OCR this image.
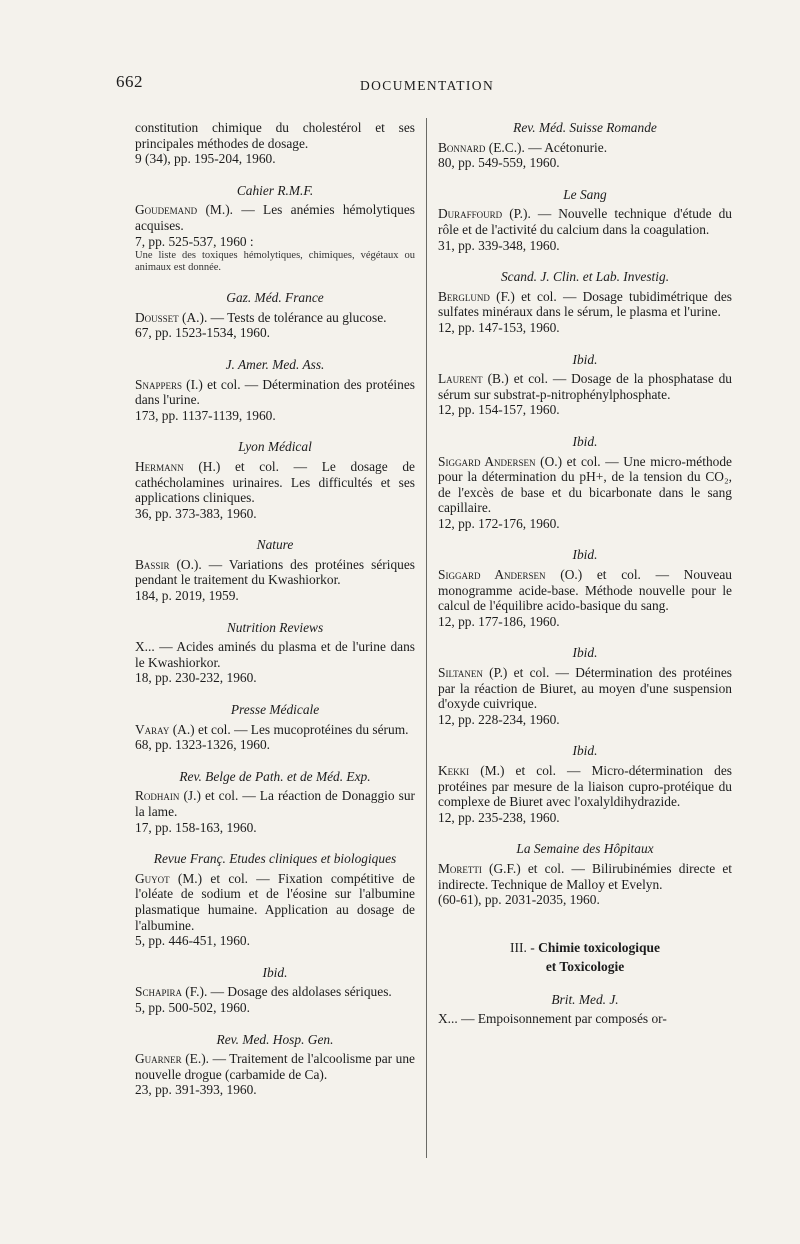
662	DOCUMENTATION
constitution chimique du cholestérol et ses principales méthodes de dosage.
9 (34), pp. 195-204, 1960.
Cahier R.M.F.
Goudemand (M.). — Les anémies hémolytiques acquises.
7, pp. 525-537, 1960 :
Une liste des toxiques hémolytiques, chimiques, végétaux ou animaux est donnée.
Gaz. Méd. France
Dousset (A.). — Tests de tolérance au glucose.
67, pp. 1523-1534, 1960.
J. Amer. Med. Ass.
Snappers (I.) et col. — Détermination des protéines dans l'urine.
173, pp. 1137-1139, 1960.
Lyon Médical
Hermann (H.) et col. — Le dosage de cathécholamines urinaires. Les difficultés et ses applications cliniques.
36, pp. 373-383, 1960.
Nature
Bassir (O.). — Variations des protéines sériques pendant le traitement du Kwashiorkor.
184, p. 2019, 1959.
Nutrition Reviews
X... — Acides aminés du plasma et de l'urine dans le Kwashiorkor.
18, pp. 230-232, 1960.
Presse Médicale
Varay (A.) et col. — Les mucoprotéines du sérum.
68, pp. 1323-1326, 1960.
Rev. Belge de Path. et de Méd. Exp.
Rodhain (J.) et col. — La réaction de Donaggio sur la lame.
17, pp. 158-163, 1960.
Revue Franç. Etudes cliniques et biologiques
Guyot (M.) et col. — Fixation compétitive de l'oléate de sodium et de l'éosine sur l'albumine plasmatique humaine. Application au dosage de l'albumine.
5, pp. 446-451, 1960.
Ibid.
Schapira (F.). — Dosage des aldolases sériques.
5, pp. 500-502, 1960.
Rev. Med. Hosp. Gen.
Guarner (E.). — Traitement de l'alcoolisme par une nouvelle drogue (carbamide de Ca).
23, pp. 391-393, 1960.
Rev. Méd. Suisse Romande
Bonnard (E.C.). — Acétonurie.
80, pp. 549-559, 1960.
Le Sang
Duraffourd (P.). — Nouvelle technique d'étude du rôle et de l'activité du calcium dans la coagulation.
31, pp. 339-348, 1960.
Scand. J. Clin. et Lab. Investig.
Berglund (F.) et col. — Dosage tubidimétrique des sulfates minéraux dans le sérum, le plasma et l'urine.
12, pp. 147-153, 1960.
Ibid.
Laurent (B.) et col. — Dosage de la phosphatase du sérum sur substrat-p-nitrophénylphosphate.
12, pp. 154-157, 1960.
Ibid.
Siggard Andersen (O.) et col. — Une micro-méthode pour la détermination du pH+, de la tension du CO₂, de l'excès de base et du bicarbonate dans le sang capillaire.
12, pp. 172-176, 1960.
Ibid.
Siggard Andersen (O.) et col. — Nouveau monogramme acide-base. Méthode nouvelle pour le calcul de l'équilibre acido-basique du sang.
12, pp. 177-186, 1960.
Ibid.
Siltanen (P.) et col. — Détermination des protéines par la réaction de Biuret, au moyen d'une suspension d'oxyde cuivrique.
12, pp. 228-234, 1960.
Ibid.
Kekki (M.) et col. — Micro-détermination des protéines par mesure de la liaison cupro-protéique du complexe de Biuret avec l'oxalyldihydrazide.
12, pp. 235-238, 1960.
La Semaine des Hôpitaux
Moretti (G.F.) et col. — Bilirubinémies directe et indirecte. Technique de Malloy et Evelyn.
(60-61), pp. 2031-2035, 1960.
III. - Chimie toxicologique
et Toxicologie
Brit. Med. J.
X... — Empoisonnement par composés or-
